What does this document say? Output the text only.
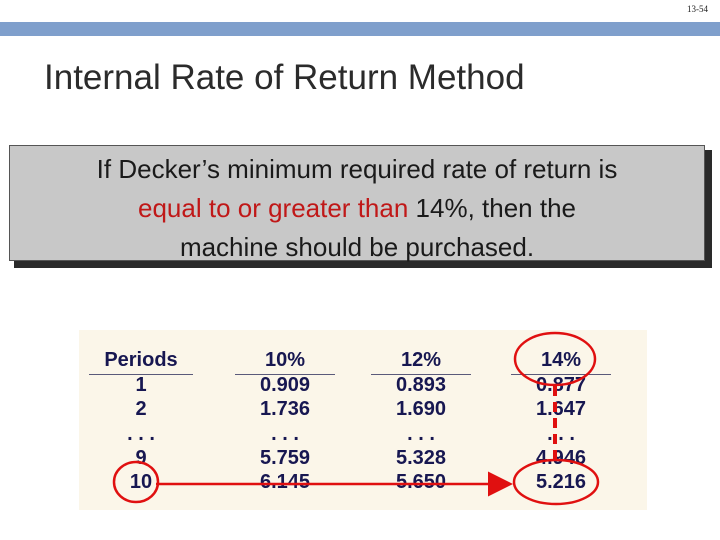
13-54
Internal Rate of Return Method
If Decker’s minimum required rate of return is
equal to or greater than 14%, then the
machine should be purchased.
Periods
1
2
. . .
9
10
10%
0.909
1.736
. . .
5.759
6.145
12%
0.893
1.690
. . .
5.328
5.650
14%
0.877
1.647
. . .
4.946
5.216
